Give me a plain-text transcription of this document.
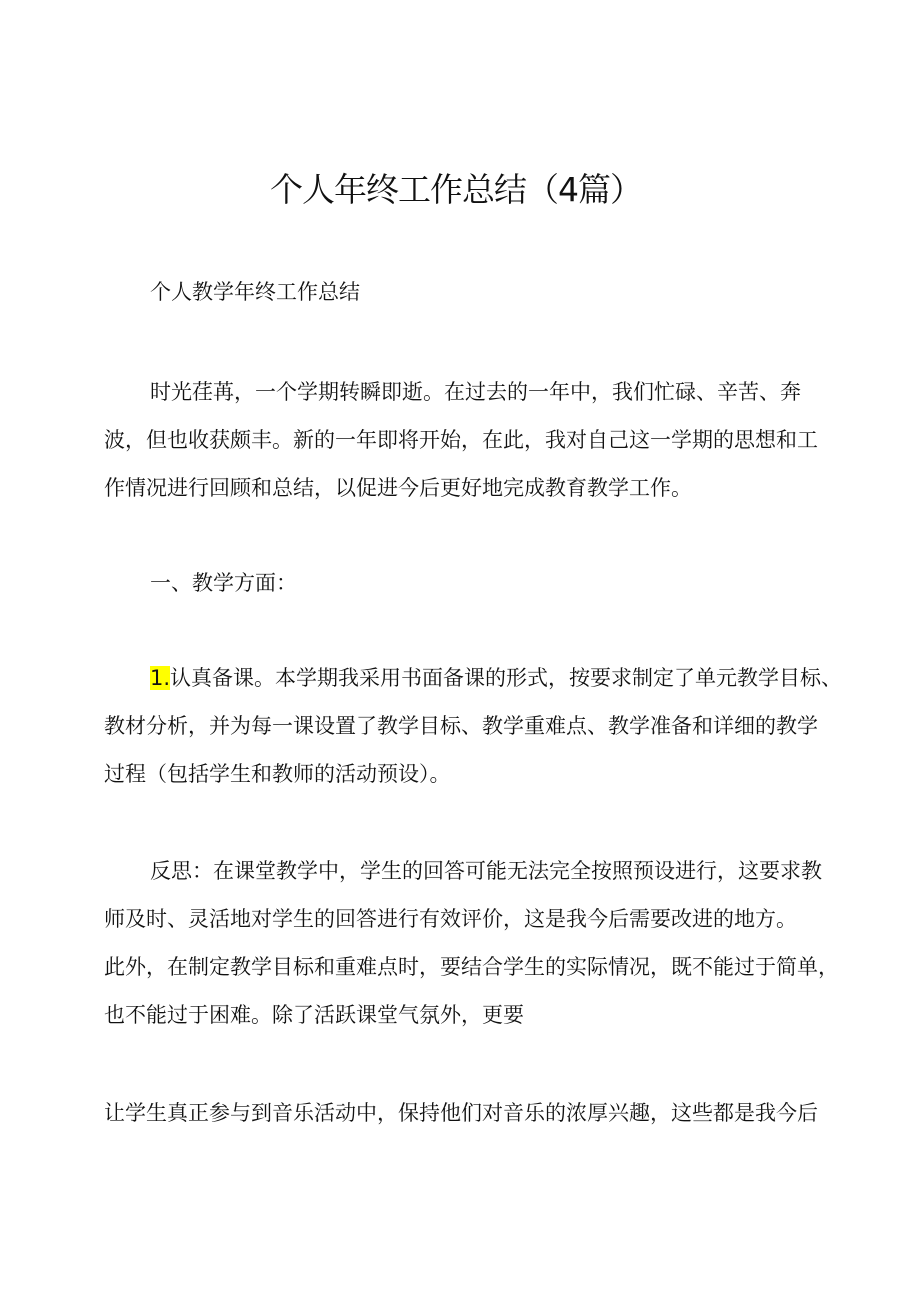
个人年终工作总结（4篇）

个人教学年终工作总结

时光荏苒，一个学期转瞬即逝。在过去的一年中，我们忙碌、辛苦、奔

波，但也收获颇丰。新的一年即将开始，在此，我对自己这一学期的思想和工

作情况进行回顾和总结，以促进今后更好地完成教育教学工作。

一、教学方面：

1.认真备课。本学期我采用书面备课的形式，按要求制定了单元教学目标、

教材分析，并为每一课设置了教学目标、教学重难点、教学准备和详细的教学

过程（包括学生和教师的活动预设）。

反思：在课堂教学中，学生的回答可能无法完全按照预设进行，这要求教

师及时、灵活地对学生的回答进行有效评价，这是我今后需要改进的地方。

此外，在制定教学目标和重难点时，要结合学生的实际情况，既不能过于简单，

也不能过于困难。除了活跃课堂气氛外，更要

让学生真正参与到音乐活动中，保持他们对音乐的浓厚兴趣，这些都是我今后
